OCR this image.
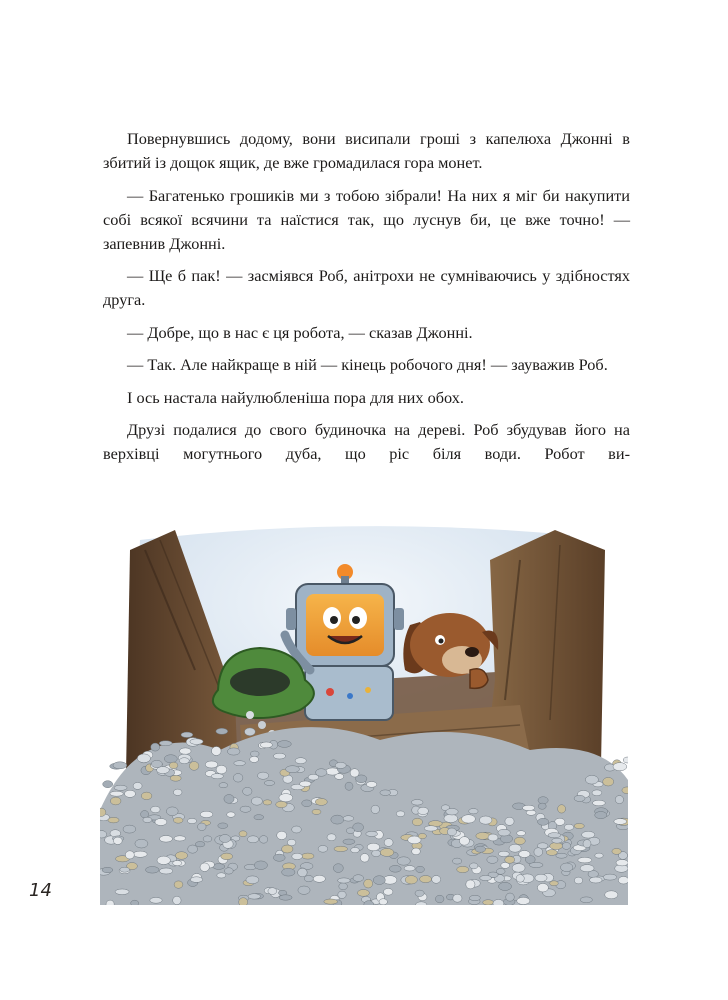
Повернувшись додому, вони висипали гроші з капелюха Джонні в збитий із дощок ящик, де вже громадилася гора монет.

— Багатенько грошиків ми з тобою зібрали! На них я міг би накупити собі всякої всячини та наїстися так, що луснув би, це вже точно! — запевнив Джонні.

— Ще б пак! — засміявся Роб, анітрохи не сумніваючись у здібностях друга.

— Добре, що в нас є ця робота, — сказав Джонні.

— Так. Але найкраще в ній — кінець робочого дня! — зауважив Роб.

І ось настала найулюбленіша пора для них обох.

Друзі подалися до свого будиночка на дереві. Роб збудував його на верхівці могутнього дуба, що ріс біля води. Робот ви-

14
